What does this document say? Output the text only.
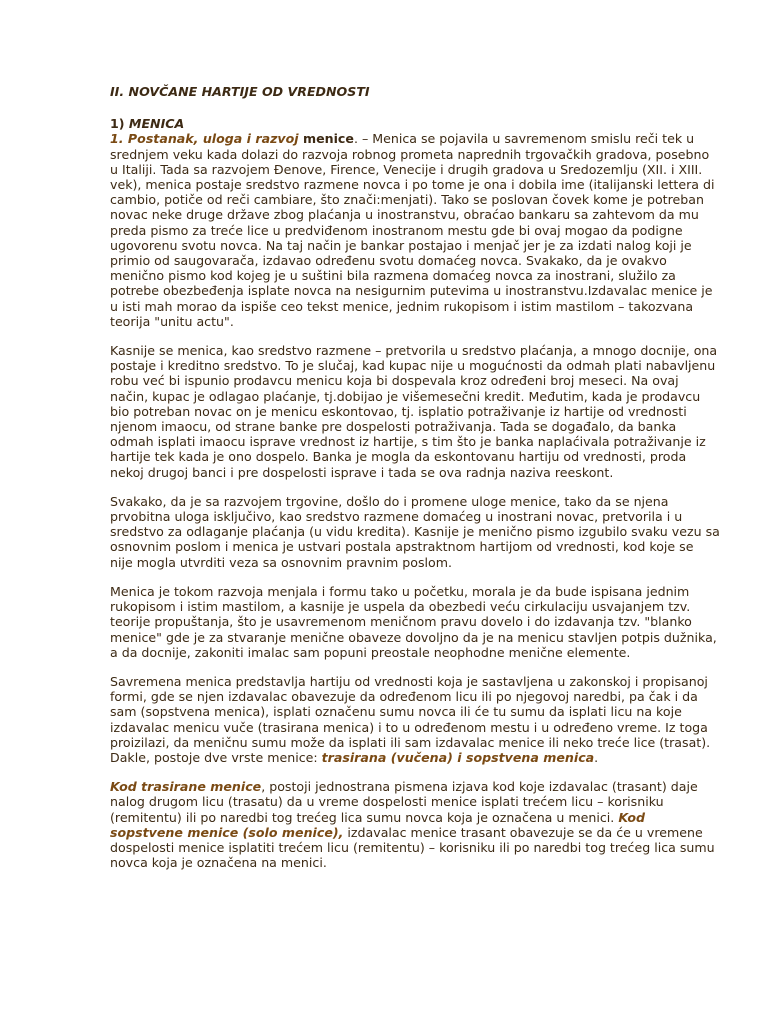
II. NOVČANE HARTIJE OD VREDNOSTI
1) MENICA

1. Postanak, uloga i razvoj menice. – Menica se pojavila u savremenom smislu reči tek u srednjem veku kada dolazi do razvoja robnog prometa naprednih trgovačkih gradova, posebno u Italiji. Tada sa razvojem Đenove, Firence, Venecije i drugih gradova u Sredozemlju (XII. i XIII. vek), menica postaje sredstvo razmene novca i po tome je ona i dobila ime (italijanski lettera di cambio, potiče od reči cambiare, što znači:menjati). Tako se poslovan čovek kome je potreban novac neke druge države zbog plaćanja u inostranstvu, obraćao bankaru sa zahtevom da mu preda pismo za treće lice u predviđenom inostranom mestu gde bi ovaj mogao da podigne ugovorenu svotu novca. Na taj način je bankar postajao i menjač jer je za izdati nalog koji je primio od saugovarača, izdavao određenu svotu domaćeg novca. Svakako, da je ovakvo menično pismo kod kojeg je u suštini bila razmena domaćeg novca za inostrani, služilo za potrebe obezbeđenja isplate novca na nesigurnim putevima u inostranstvu.Izdavalac menice je u isti mah morao da ispiše ceo tekst menice, jednim rukopisom i istim mastilom – takozvana teorija "unitu actu".

Kasnije se menica, kao sredstvo razmene – pretvorila u sredstvo plaćanja, a mnogo docnije, ona postaje i kreditno sredstvo. To je slučaj, kad kupac nije u mogućnosti da odmah plati nabavljenu robu već bi ispunio prodavcu menicu koja bi dospevala kroz određeni broj meseci. Na ovaj način, kupac je odlagao plaćanje, tj.dobijao je višemesečni kredit. Međutim, kada je prodavcu bio potreban novac on je menicu eskontovao, tj. isplatio potraživanje iz hartije od vrednosti njenom imaocu, od strane banke pre dospelosti potraživanja. Tada se događalo, da banka odmah isplati imaocu isprave vrednost iz hartije, s tim što je banka naplaćivala potraživanje iz hartije tek kada je ono dospelo. Banka je mogla da eskontovanu hartiju od vrednosti, proda nekoj drugoj banci i pre dospelosti isprave i tada se ova radnja naziva reeskont.

Svakako, da je sa razvojem trgovine, došlo do i promene uloge menice, tako da se njena prvobitna uloga isključivo, kao sredstvo razmene domaćeg u inostrani novac, pretvorila i u sredstvo za odlaganje plaćanja (u vidu kredita). Kasnije je menično pismo izgubilo svaku vezu sa osnovnim poslom i menica je ustvari postala apstraktnom hartijom od vrednosti, kod koje se nije mogla utvrditi veza sa osnovnim pravnim poslom.

Menica je tokom razvoja menjala i formu tako u početku, morala je da bude ispisana jednim rukopisom i istim mastilom, a kasnije je uspela da obezbedi veću cirkulaciju usvajanjem tzv. teorije propuštanja, što je usavremenom meničnom pravu dovelo i do izdavanja tzv. "blanko menice" gde je za stvaranje menične obaveze dovoljno da je na menicu stavljen potpis dužnika, a da docnije, zakoniti imalac sam popuni preostale neophodne menične elemente.

Savremena menica predstavlja hartiju od vrednosti koja je sastavljena u zakonskoj i propisanoj formi, gde se njen izdavalac obavezuje da određenom licu ili po njegovoj naredbi, pa čak i da sam (sopstvena menica), isplati označenu sumu novca ili će tu sumu da isplati licu na koje izdavalac menicu vuče (trasirana menica) i to u određenom mestu i u određeno vreme. Iz toga proizilazi, da meničnu sumu može da isplati ili sam izdavalac menice ili neko treće lice (trasat). Dakle, postoje dve vrste menice: trasirana (vučena) i sopstvena menica.

Kod trasirane menice, postoji jednostrana pismena izjava kod koje izdavalac (trasant) daje nalog drugom licu (trasatu) da u vreme dospelosti menice isplati trećem licu – korisniku (remitentu) ili po naredbi tog trećeg lica sumu novca koja je označena u menici. Kod sopstvene menice (solo menice), izdavalac menice trasant obavezuje se da će u vremene dospelosti menice isplatiti trećem licu (remitentu) – korisniku ili po naredbi tog trećeg lica sumu novca koja je označena na menici.
